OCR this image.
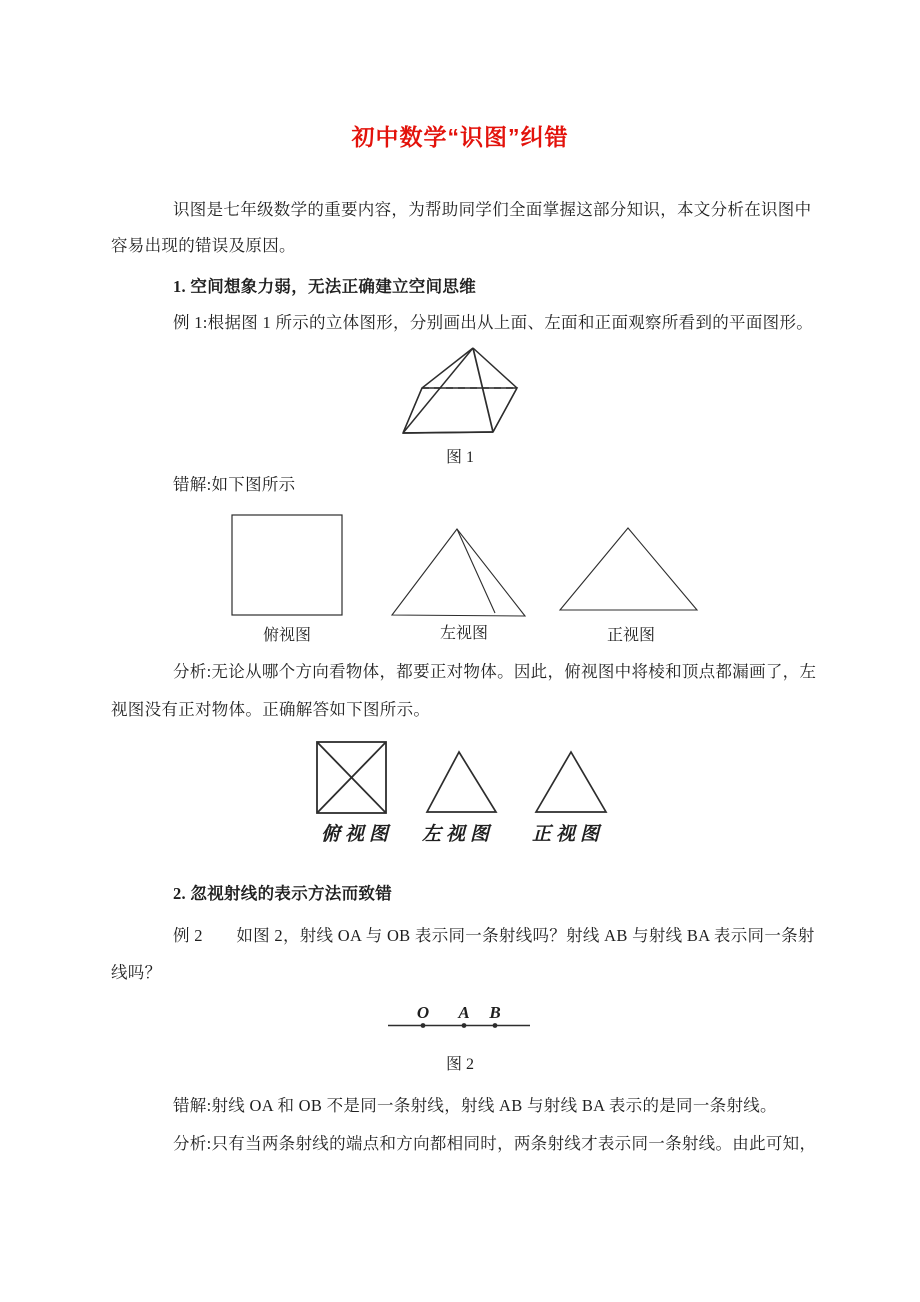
初中数学“识图”纠错
识图是七年级数学的重要内容，为帮助同学们全面掌握这部分知识，本文分析在识图中
容易出现的错误及原因。
1. 空间想象力弱，无法正确建立空间思维
例 1:根据图 1 所示的立体图形，分别画出从上面、左面和正面观察所看到的平面图形。
图 1
错解:如下图所示
俯视图	左视图	正视图
分析:无论从哪个方向看物体，都要正对物体。因此，俯视图中将棱和顶点都漏画了，左
视图没有正对物体。正确解答如下图所示。
俯视图	左视图	正视图
2. 忽视射线的表示方法而致错
例 2　　如图 2，射线 OA 与 OB 表示同一条射线吗？射线 AB 与射线 BA 表示同一条射
线吗？
O	A	B
图 2
错解:射线 OA 和 OB 不是同一条射线，射线 AB 与射线 BA 表示的是同一条射线。
分析:只有当两条射线的端点和方向都相同时，两条射线才表示同一条射线。由此可知，
